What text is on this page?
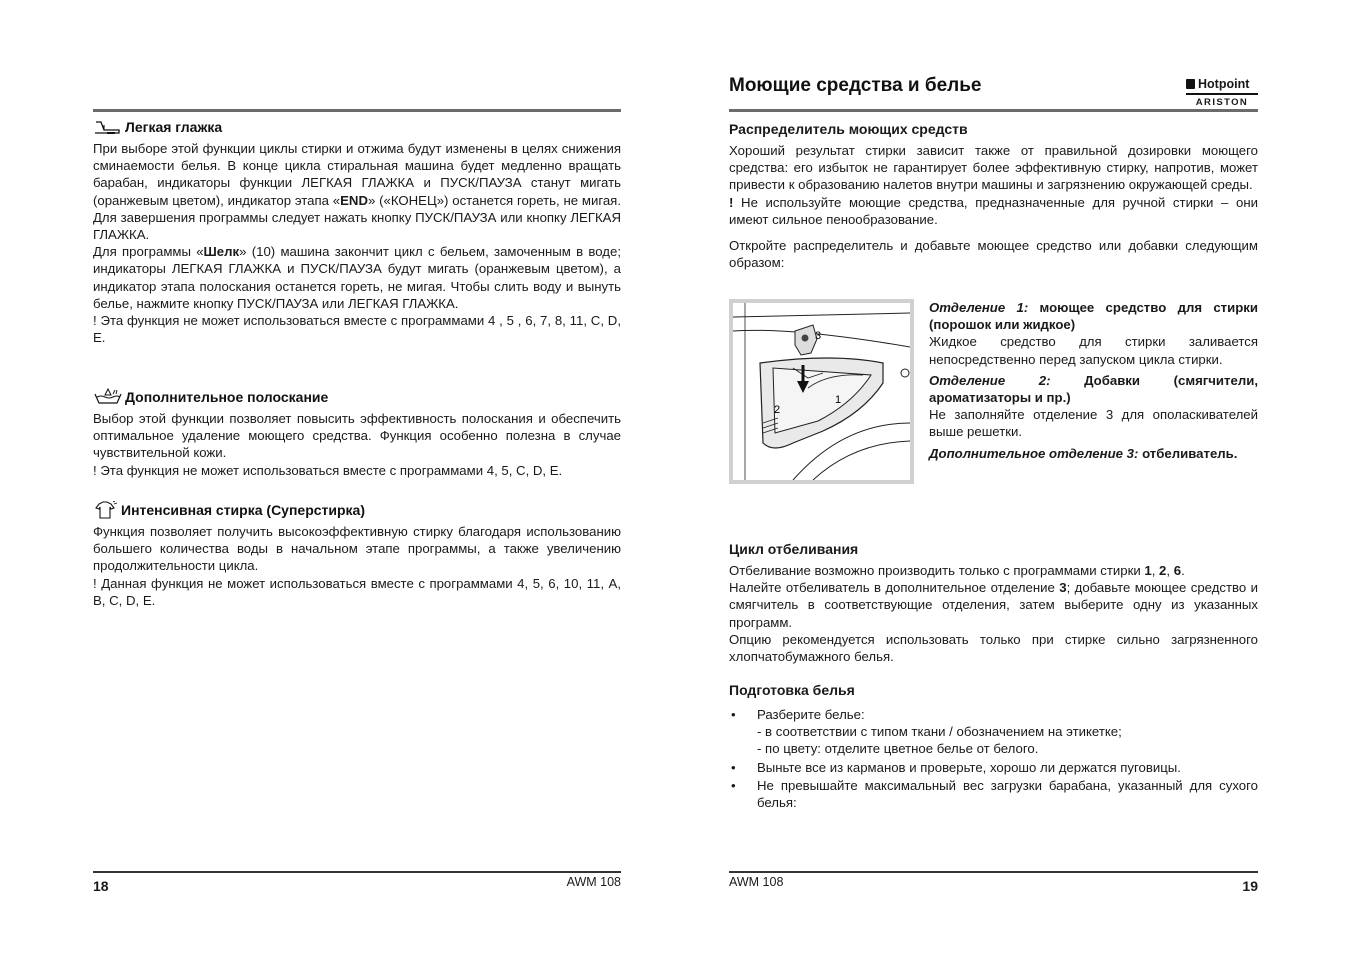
Легкая глажка

При выборе этой функции циклы стирки и отжима будут изменены в целях снижения сминаемости белья. В конце цикла стиральная машина будет медленно вращать барабан, индикаторы функции ЛЕГКАЯ ГЛАЖКА и ПУСК/ПАУЗА станут мигать (оранжевым цветом), индикатор этапа «END» («КОНЕЦ») останется гореть, не мигая. Для завершения программы следует нажать кнопку ПУСК/ПАУЗА или кнопку ЛЕГКАЯ ГЛАЖКА.

Для программы «Шелк» (10) машина закончит цикл с бельем, замоченным в воде; индикаторы ЛЕГКАЯ ГЛАЖКА и ПУСК/ПАУЗА будут мигать (оранжевым цветом), а индикатор этапа полоскания останется гореть, не мигая. Чтобы слить воду и вынуть белье, нажмите кнопку ПУСК/ПАУЗА или ЛЕГКАЯ ГЛАЖКА.

! Эта функция не может использоваться вместе с программами 4 , 5 , 6, 7, 8, 11, C, D, E.

Дополнительное полоскание

Выбор этой функции позволяет повысить эффективность полоскания и обеспечить оптимальное удаление моющего средства. Функция особенно полезна в случае чувствительной кожи.

! Эта функция не может использоваться вместе с программами 4, 5, C, D, E.

Интенсивная стирка (Суперстирка)

Функция позволяет получить высокоэффективную стирку благодаря использованию большего количества воды в начальном этапе программы, а также увеличению продолжительности цикла.

! Данная функция не может использоваться вместе с программами 4, 5, 6, 10, 11, A, B, C, D, E.

18	AWM 108
Моющие средства и белье	Hotpoint
ARISTON
Распределитель моющих средств

Хороший результат стирки зависит также от правильной дозировки моющего средства: его избыток не гарантирует более эффективную стирку, напротив, может привести к образованию налетов внутри машины и загрязнению окружающей среды.

! Не используйте моющие средства, предназначенные для ручной стирки – они имеют сильное пенообразование.

Откройте распределитель и добавьте моющее средство или добавки следующим образом:

3
2
1

Отделение 1: моющее средство для стирки (порошок или жидкое)

Жидкое средство для стирки заливается непосредственно перед запуском цикла стирки.

Отделение 2:	Добавки (смягчители, ароматизаторы и пр.)

Не заполняйте отделение 3 для ополаскивателей выше решетки.

Дополнительное отделение 3: отбеливатель.

Цикл отбеливания

Отбеливание возможно производить только с программами стирки 1, 2, 6.

Налейте отбеливатель в дополнительное отделение 3; добавьте моющее средство и смягчитель в соответствующие отделения, затем выберите одну из указанных программ.

Опцию рекомендуется использовать только при стирке сильно загрязненного хлопчатобумажного белья.

Подготовка белья
• Разберите белье:
- в соответствии с типом ткани / обозначением на этикетке;
- по цвету: отделите цветное белье от белого.
• Выньте все из карманов и проверьте, хорошо ли держатся пуговицы.
• Не превышайте максимальный вес загрузки барабана, указанный для сухого белья:
AWM 108	19
